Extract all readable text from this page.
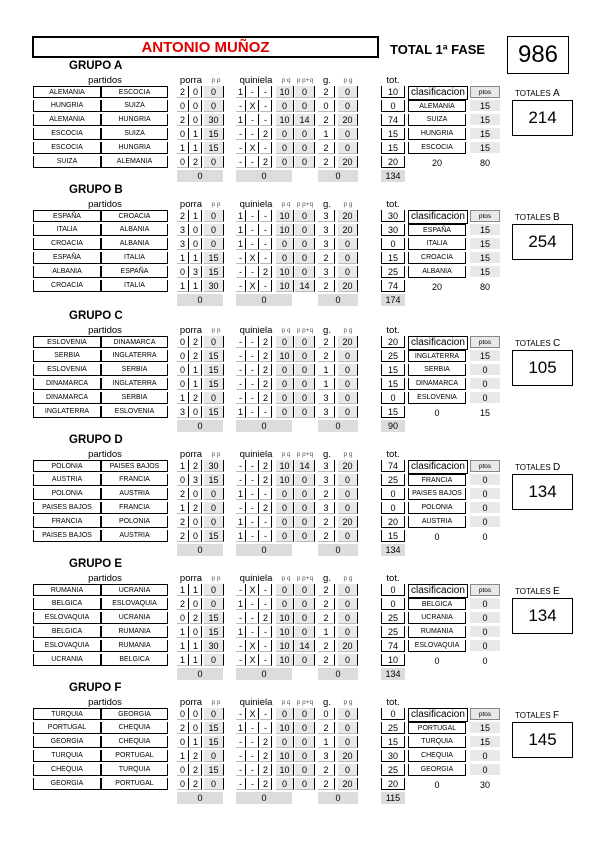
ANTONIO MUÑOZ	TOTAL 1ª FASE	986
GRUPO A
partidos	porra	p p	quiniela	p q p p+q	g.	p g	tot.
ALEMANIA	ESCOCIA	2 0	0	1 -	-	10	0	2	0	10
HUNGRIA	SUIZA	0 0	0	- X -	0	0	0	0	0
ALEMANIA	HUNGRIA	2 0	30	1 -	-	10	14	2	20	74
ESCOCIA	SUIZA	0 1	15	-	- 2	0	0	1	0	15
ESCOCIA	HUNGRIA	1 1	15	- X -	0	0	2	0	15
SUIZA	ALEMANIA	0 2	0	-	- 2	0	0	2	20	20
0	0	0	134
clasificacion	ptos
ALEMANIA	15
SUIZA	15
HUNGRIA	15
ESCOCIA	15
20	80
TOTALES A
214
GRUPO B
partidos	porra	p p	quiniela	p q p p+q	g.	p g	tot.
ESPAÑA	CROACIA	2 1	0	1 -	-	10	0	3	20	30
ITALIA	ALBANIA	3 0	0	1 -	-	10	0	3	20	30
CROACIA	ALBANIA	3 0	0	1 -	-	0	0	3	0	0
ESPAÑA	ITALIA	1 1	15	- X -	0	0	2	0	15
ALBANIA	ESPAÑA	0 3	15	-	- 2	10	0	3	0	25
CROACIA	ITALIA	1 1	30	- X -	10	14	2	20	74
0	0	0	174
clasificacion	ptos
ESPAÑA	15
ITALIA	15
CROACIA	15
ALBANIA	15
20	80
TOTALES B
254
GRUPO C
partidos	porra	p p	quiniela	p q p p+q	g.	p g	tot.
ESLOVENIA	DINAMARCA	0 2	0	-	- 2	0	0	2	20	20
SERBIA	INGLATERRA	0 2	15	-	- 2	10	0	2	0	25
ESLOVENIA	SERBIA	0 1	15	-	- 2	0	0	1	0	15
DINAMARCA	INGLATERRA	0 1	15	-	- 2	0	0	1	0	15
DINAMARCA	SERBIA	1 2	0	-	- 2	0	0	3	0	0
INGLATERRA	ESLOVENIA	3 0	15	1 -	-	0	0	3	0	15
0	0	0	90
clasificacion	ptos
INGLATERRA	15
SERBIA	0
DINAMARCA	0
ESLOVENIA	0
0	15
TOTALES C
105
GRUPO D
partidos	porra	p p	quiniela	p q p p+q	g.	p g	tot.
POLONIA	PAISES BAJOS	1 2	30	-	- 2	10	14	3	20	74
AUSTRIA	FRANCIA	0 3	15	-	- 2	10	0	3	0	25
POLONIA	AUSTRIA	2 0	0	1 -	-	0	0	2	0	0
PAISES BAJOS	FRANCIA	1 2	0	-	- 2	0	0	3	0	0
FRANCIA	POLONIA	2 0	0	1 -	-	0	0	2	20	20
PAISES BAJOS	AUSTRIA	2 0	15	1 -	-	0	0	2	0	15
0	0	0	134
clasificacion	ptos
FRANCIA	0
PAISES BAJOS	0
POLONIA	0
AUSTRIA	0
0	0
TOTALES D
134
GRUPO E
partidos	porra	p p	quiniela	p q p p+q	g.	p g	tot.
RUMANIA	UCRANIA	1 1	0	- X -	0	0	2	0	0
BELGICA	ESLOVAQUIA	2 0	0	1 -	-	0	0	2	0	0
ESLOVAQUIA	UCRANIA	0 2	15	-	- 2	10	0	2	0	25
BELGICA	RUMANIA	1 0	15	1 -	-	10	0	1	0	25
ESLOVAQUIA	RUMANIA	1 1	30	- X -	10	14	2	20	74
UCRANIA	BELGICA	1 1	0	- X -	10	0	2	0	10
0	0	0	134
clasificacion	ptos
BELGICA	0
UCRANIA	0
RUMANIA	0
ESLOVAQUIA	0
0	0
TOTALES E
134
GRUPO F
partidos	porra	p p	quiniela	p q p p+q	g.	p g	tot.
TURQUIA	GEORGIA	0 0	0	- X -	0	0	0	0	0
PORTUGAL	CHEQUIA	2 0	15	1 -	-	10	0	2	0	25
GEORGIA	CHEQUIA	0 1	15	-	- 2	0	0	1	0	15
TURQUIA	PORTUGAL	1 2	0	-	- 2	10	0	3	20	30
CHEQUIA	TURQUIA	0 2	15	-	- 2	10	0	2	0	25
GEORGIA	PORTUGAL	0 2	0	-	- 2	0	0	2	20	20
0	0	0	115
clasificacion	ptos
PORTUGAL	15
TURQUIA	15
CHEQUIA	0
GEORGIA	0
0	30
TOTALES F
145
